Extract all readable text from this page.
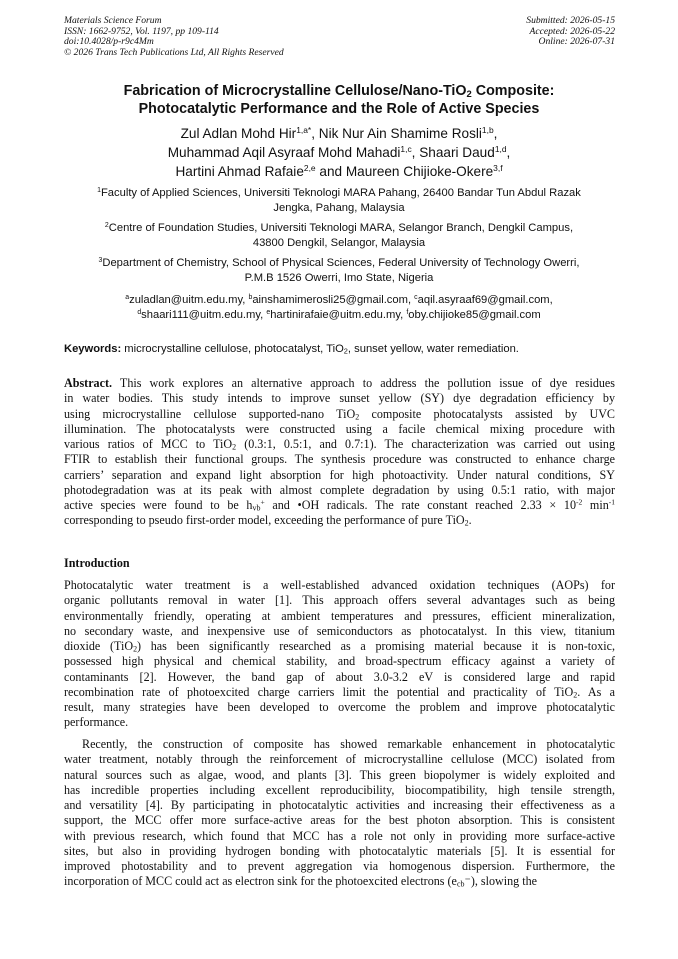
Materials Science Forum
ISSN: 1662-9752, Vol. 1197, pp 109-114
doi:10.4028/p-r9c4Mm
© 2026 Trans Tech Publications Ltd, All Rights Reserved
Submitted: 2026-05-15
Accepted: 2026-05-22
Online: 2026-07-31
Fabrication of Microcrystalline Cellulose/Nano-TiO$_2$ Composite:
Photocatalytic Performance and the Role of Active Species
Zul Adlan Mohd Hir$^{1,a*}$, Nik Nur Ain Shamime Rosli$^{1,b}$,
Muhammad Aqil Asyraaf Mohd Mahadi$^{1,c}$, Shaari Daud$^{1,d}$,
Hartini Ahmad Rafaie$^{2,e}$ and Maureen Chijioke-Okere$^{3,f}$
$^1$Faculty of Applied Sciences, Universiti Teknologi MARA Pahang, 26400 Bandar Tun Abdul Razak
Jengka, Pahang, Malaysia
$^2$Centre of Foundation Studies, Universiti Teknologi MARA, Selangor Branch, Dengkil Campus,
43800 Dengkil, Selangor, Malaysia
$^3$Department of Chemistry, School of Physical Sciences, Federal University of Technology Owerri,
P.M.B 1526 Owerri, Imo State, Nigeria
$^a$zuladlan@uitm.edu.my, $^b$ainshamimerosli25@gmail.com, $^c$aqil.asyraaf69@gmail.com,
$^d$shaari111@uitm.edu.my, $^e$hartinirafaie@uitm.edu.my, $^f$oby.chijioke85@gmail.com
Keywords: microcrystalline cellulose, photocatalyst, TiO$_2$, sunset yellow, water remediation.
Abstract. This work explores an alternative approach to address the pollution issue of dye residues
in water bodies. This study intends to improve sunset yellow (SY) dye degradation efficiency by
using microcrystalline cellulose supported-nano TiO$_2$ composite photocatalysts assisted by UVC
illumination. The photocatalysts were constructed using a facile chemical mixing procedure with
various ratios of MCC to TiO$_2$ (0.3:1, 0.5:1, and 0.7:1). The characterization was carried out using
FTIR to establish their functional groups. The synthesis procedure was constructed to enhance charge
carriers’ separation and expand light absorption for high photoactivity. Under natural conditions, SY
photodegradation was at its peak with almost complete degradation by using 0.5:1 ratio, with major
active species were found to be $h_{vb}^+$ and •OH radicals. The rate constant reached $2.33 \times 10^{-2}$ $\min^{-1}$
corresponding to pseudo first-order model, exceeding the performance of pure TiO$_2$.
Introduction
Photocatalytic water treatment is a well-established advanced oxidation techniques (AOPs) for
organic pollutants removal in water [1]. This approach offers several advantages such as being
environmentally friendly, operating at ambient temperatures and pressures, efficient mineralization,
no secondary waste, and inexpensive use of semiconductors as photocatalyst. In this view, titanium
dioxide (TiO$_2$) has been significantly researched as a promising material because it is non-toxic,
possessed high physical and chemical stability, and broad-spectrum efficacy against a variety of
contaminants [2]. However, the band gap of about 3.0-3.2 eV is considered large and rapid
recombination rate of photoexcited charge carriers limit the potential and practicality of TiO$_2$. As a
result, many strategies have been developed to overcome the problem and improve photocatalytic
performance.
Recently, the construction of composite has showed remarkable enhancement in photocatalytic
water treatment, notably through the reinforcement of microcrystalline cellulose (MCC) isolated from
natural sources such as algae, wood, and plants [3]. This green biopolymer is widely exploited and
has incredible properties including excellent reproducibility, biocompatibility, high tensile strength,
and versatility [4]. By participating in photocatalytic activities and increasing their effectiveness as a
support, the MCC offer more surface-active areas for the best photon absorption. This is consistent
with previous research, which found that MCC has a role not only in providing more surface-active
sites, but also in providing hydrogen bonding with photocatalytic materials [5]. It is essential for
improved photostability and to prevent aggregation via homogenous dispersion. Furthermore, the
incorporation of MCC could act as electron sink for the photoexcited electrons $(e_{cb}^-)$, slowing the
